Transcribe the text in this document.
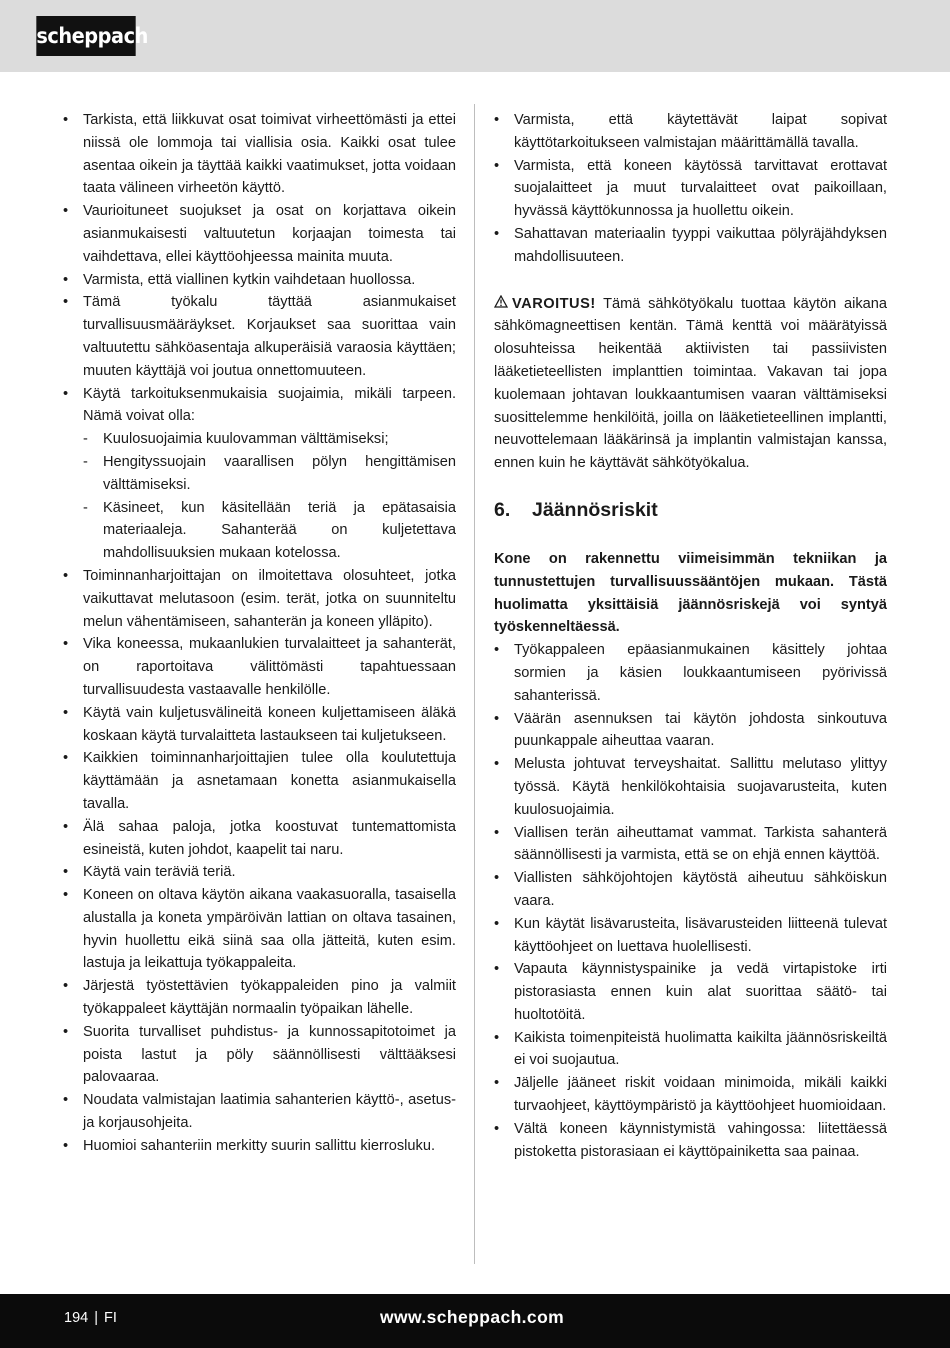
scheppach
• Tarkista, että liikkuvat osat toimivat virheettömästi ja ettei niissä ole lommoja tai viallisia osia. Kaikki osat tulee asentaa oikein ja täyttää kaikki vaatimukset, jotta voidaan taata välineen virheetön käyttö.
• Vaurioituneet suojukset ja osat on korjattava oikein asianmukaisesti valtuutetun korjaajan toimesta tai vaihdettava, ellei käyttöohjeessa mainita muuta.
• Varmista, että viallinen kytkin vaihdetaan huollossa.
• Tämä työkalu täyttää asianmukaiset turvallisuusmääräykset. Korjaukset saa suorittaa vain valtuutettu sähköasentaja alkuperäisiä varaosia käyttäen; muuten käyttäjä voi joutua onnettomuuteen.
• Käytä tarkoituksenmukaisia suojaimia, mikäli tarpeen. Nämä voivat olla:
- Kuulosuojaimia kuulovamman välttämiseksi;
- Hengityssuojain vaarallisen pölyn hengittämisen välttämiseksi.
- Käsineet, kun käsitellään teriä ja epätasaisia materiaaleja. Sahanterää on kuljetettava mahdollisuuksien mukaan kotelossa.
• Toiminnanharjoittajan on ilmoitettava olosuhteet, jotka vaikuttavat melutasoon (esim. terät, jotka on suunniteltu melun vähentämiseen, sahanterän ja koneen ylläpito).
• Vika koneessa, mukaanlukien turvalaitteet ja sahanterät, on raportoitava välittömästi tapahtuessaan turvallisuudesta vastaavalle henkilölle.
• Käytä vain kuljetusvälineitä koneen kuljettamiseen äläkä koskaan käytä turvalaitteta lastaukseen tai kuljetukseen.
• Kaikkien toiminnanharjoittajien tulee olla koulutettuja käyttämään ja asnetamaan konetta asianmukaisella tavalla.
• Älä sahaa paloja, jotka koostuvat tuntemattomista esineistä, kuten johdot, kaapelit tai naru.
• Käytä vain teräviä teriä.
• Koneen on oltava käytön aikana vaakasuoralla, tasaisella alustalla ja koneta ympäröivän lattian on oltava tasainen, hyvin huollettu eikä siinä saa olla jätteitä, kuten esim. lastuja ja leikattuja työkappaleita.
• Järjestä työstettävien työkappaleiden pino ja valmiit työkappaleet käyttäjän normaalin työpaikan lähelle.
• Suorita turvalliset puhdistus- ja kunnossapitotoimet ja poista lastut ja pöly säännöllisesti välttääksesi palovaaraa.
• Noudata valmistajan laatimia sahanterien käyttö-, asetus- ja korjausohjeita.
• Huomioi sahanteriin merkitty suurin sallittu kierrosluku.
• Varmista, että käytettävät laipat sopivat käyttötarkoitukseen valmistajan määrittämällä tavalla.
• Varmista, että koneen käytössä tarvittavat erottavat suojalaitteet ja muut turvalaitteet ovat paikoillaan, hyvässä käyttökunnossa ja huollettu oikein.
• Sahattavan materiaalin tyyppi vaikuttaa pölyräjähdyksen mahdollisuuteen.

VAROITUS! Tämä sähkötyökalu tuottaa käytön aikana sähkömagneettisen kentän. Tämä kenttä voi määrätyissä olosuhteissa heikentää aktiivisten tai passiivisten lääketieteellisten implanttien toimintaa. Vakavan tai jopa kuolemaan johtavan loukkaantumisen vaaran välttämiseksi suosittelemme henkilöitä, joilla on lääketieteellinen implantti, neuvottelemaan lääkärinsä ja implantin valmistajan kanssa, ennen kuin he käyttävät sähkötyökalua.

6. Jäännösriskit
Kone on rakennettu viimeisimmän tekniikan ja tunnustettujen turvallisuussääntöjen mukaan. Tästä huolimatta yksittäisiä jäännösriskejä voi syntyä työskenneltäessä.
• Työkappaleen epäasianmukainen käsittely johtaa sormien ja käsien loukkaantumiseen pyörivissä sahanterissä.
• Väärän asennuksen tai käytön johdosta sinkoutuva puunkappale aiheuttaa vaaran.
• Melusta johtuvat terveyshaitat. Sallittu melutaso ylittyy työssä. Käytä henkilökohtaisia suojavarusteita, kuten kuulosuojaimia.
• Viallisen terän aiheuttamat vammat. Tarkista sahanterä säännöllisesti ja varmista, että se on ehjä ennen käyttöä.
• Viallisten sähköjohtojen käytöstä aiheutuu sähköiskun vaara.
• Kun käytät lisävarusteita, lisävarusteiden liitteenä tulevat käyttöohjeet on luettava huolellisesti.
• Vapauta käynnistyspainike ja vedä virtapistoke irti pistorasiasta ennen kuin alat suorittaa säätö- tai huoltotöitä.
• Kaikista toimenpiteistä huolimatta kaikilta jäännösriskeiltä ei voi suojautua.
• Jäljelle jääneet riskit voidaan minimoida, mikäli kaikki turvaohjeet, käyttöympäristö ja käyttöohjeet huomioidaan.
• Vältä koneen käynnistymistä vahingossa: liitettäessä pistoketta pistorasiaan ei käyttöpainiketta saa painaa.
194 | FI	www.scheppach.com
